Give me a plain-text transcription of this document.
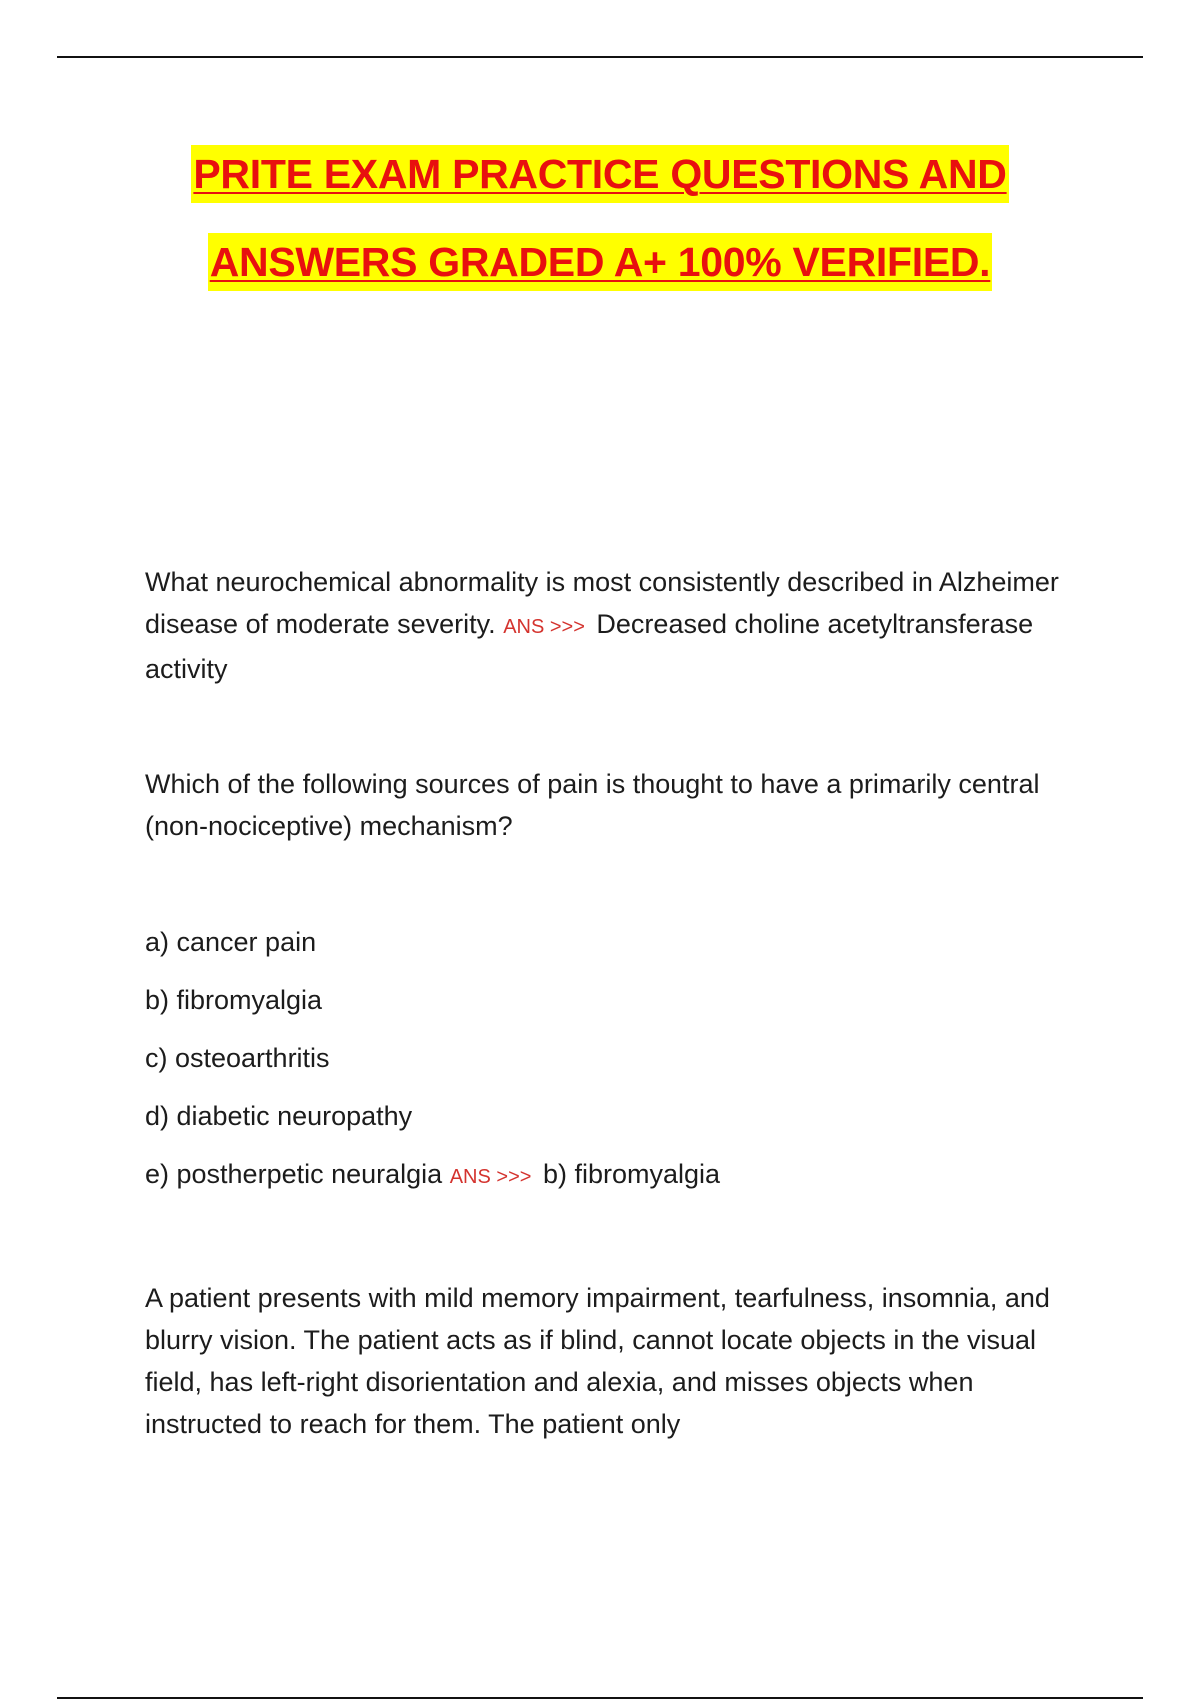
PRITE EXAM PRACTICE QUESTIONS AND
ANSWERS GRADED A+ 100% VERIFIED.
What neurochemical abnormality is most consistently described in Alzheimer disease of moderate severity. ANS >>> Decreased choline acetyltransferase activity
Which of the following sources of pain is thought to have a primarily central (non-nociceptive) mechanism?
a) cancer pain
b) fibromyalgia
c) osteoarthritis
d) diabetic neuropathy
e) postherpetic neuralgia ANS >>> b) fibromyalgia
A patient presents with mild memory impairment, tearfulness, insomnia, and blurry vision. The patient acts as if blind, cannot locate objects in the visual field, has left-right disorientation and alexia, and misses objects when instructed to reach for them. The patient only
